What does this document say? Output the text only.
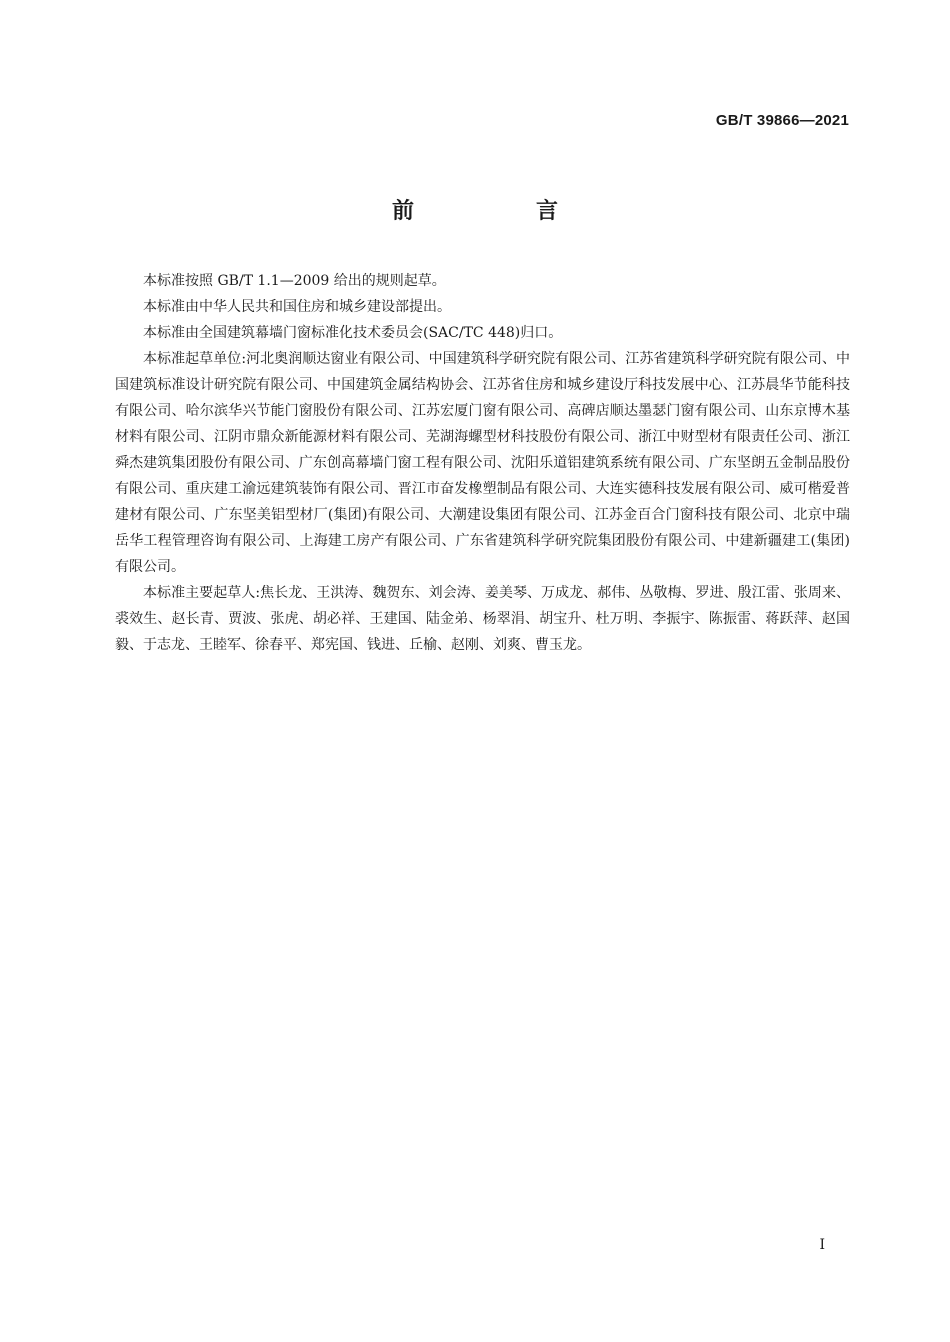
GB/T 39866—2021
前　言

本标准按照 GB/T 1.1—2009 给出的规则起草。

本标准由中华人民共和国住房和城乡建设部提出。

本标准由全国建筑幕墙门窗标准化技术委员会(SAC/TC 448)归口。

本标准起草单位:河北奥润顺达窗业有限公司、中国建筑科学研究院有限公司、江苏省建筑科学研究院有限公司、中国建筑标准设计研究院有限公司、中国建筑金属结构协会、江苏省住房和城乡建设厅科技发展中心、江苏晨华节能科技有限公司、哈尔滨华兴节能门窗股份有限公司、江苏宏厦门窗有限公司、高碑店顺达墨瑟门窗有限公司、山东京博木基材料有限公司、江阴市鼎众新能源材料有限公司、芜湖海螺型材科技股份有限公司、浙江中财型材有限责任公司、浙江舜杰建筑集团股份有限公司、广东创高幕墙门窗工程有限公司、沈阳乐道铝建筑系统有限公司、广东坚朗五金制品股份有限公司、重庆建工渝远建筑装饰有限公司、晋江市奋发橡塑制品有限公司、大连实德科技发展有限公司、威可楷爱普建材有限公司、广东坚美铝型材厂(集团)有限公司、大潮建设集团有限公司、江苏金百合门窗科技有限公司、北京中瑞岳华工程管理咨询有限公司、上海建工房产有限公司、广东省建筑科学研究院集团股份有限公司、中建新疆建工(集团)有限公司。

本标准主要起草人:焦长龙、王洪涛、魏贺东、刘会涛、姜美琴、万成龙、郝伟、丛敬梅、罗进、殷江雷、张周来、裘效生、赵长青、贾波、张虎、胡必祥、王建国、陆金弟、杨翠涓、胡宝升、杜万明、李振宇、陈振雷、蒋跃萍、赵国毅、于志龙、王睦军、徐春平、郑宪国、钱进、丘榆、赵刚、刘爽、曹玉龙。

I
